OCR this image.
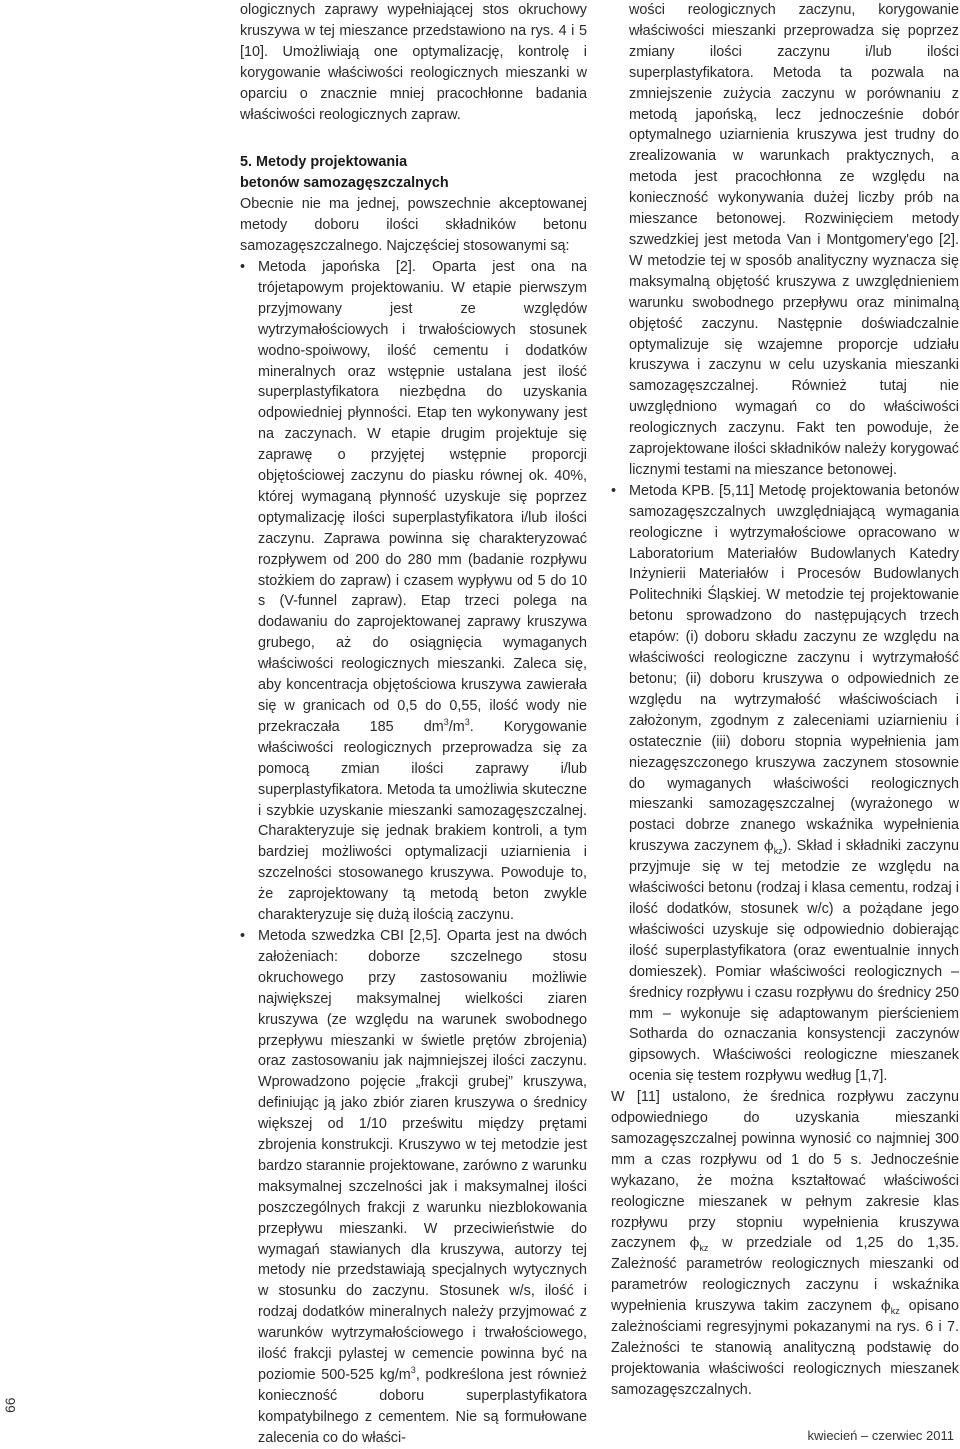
66

ologicznych zaprawy wypełniającej stos okruchowy kruszywa w tej mieszance przedstawiono na rys. 4 i 5 [10]. Umożliwiają one optymalizację, kontrolę i korygowanie właściwości reologicznych mieszanki w oparciu o znacznie mniej pracochłonne badania właściwości reologicznych zapraw.

5. Metody projektowania
betonów samozagęszczalnych

Obecnie nie ma jednej, powszechnie akceptowanej metody doboru ilości składników betonu samozagęszczalnego. Najczęściej stosowanymi są:

• Metoda japońska [2]. Oparta jest ona na trójetapowym projektowaniu. W etapie pierwszym przyjmowany jest ze względów wytrzymałościowych i trwałościowych stosunek wodno-spoiwowy, ilość cementu i dodatków mineralnych oraz wstępnie ustalana jest ilość superplastyfikatora niezbędna do uzyskania odpowiedniej płynności. Etap ten wykonywany jest na zaczynach. W etapie drugim projektuje się zaprawę o przyjętej wstępnie proporcji objętościowej zaczynu do piasku równej ok. 40%, której wymaganą płynność uzyskuje się poprzez optymalizację ilości superplastyfikatora i/lub ilości zaczynu. Zaprawa powinna się charakteryzować rozpływem od 200 do 280 mm (badanie rozpływu stożkiem do zapraw) i czasem wypływu od 5 do 10 s (V-funnel zapraw). Etap trzeci polega na dodawaniu do zaprojektowanej zaprawy kruszywa grubego, aż do osiągnięcia wymaganych właściwości reologicznych mieszanki. Zaleca się, aby koncentracja objętościowa kruszywa zawierała się w granicach od 0,5 do 0,55, ilość wody nie przekraczała 185 $dm^3/m^3$. Korygowanie właściwości reologicznych przeprowadza się za pomocą zmian ilości zaprawy i/lub superplastyfikatora. Metoda ta umożliwia skuteczne i szybkie uzyskanie mieszanki samozagęszczalnej. Charakteryzuje się jednak brakiem kontroli, a tym bardziej możliwości optymalizacji uziarnienia i szczelności stosowanego kruszywa. Powoduje to, że zaprojektowany tą metodą beton zwykle charakteryzuje się dużą ilością zaczynu.

• Metoda szwedzka CBI [2,5]. Oparta jest na dwóch założeniach: doborze szczelnego stosu okruchowego przy zastosowaniu możliwie największej maksymalnej wielkości ziaren kruszywa (ze względu na warunek swobodnego przepływu mieszanki w świetle prętów zbrojenia) oraz zastosowaniu jak najmniejszej ilości zaczynu. Wprowadzono pojęcie „frakcji grubej” kruszywa, definiując ją jako zbiór ziaren kruszywa o średnicy większej od 1/10 prześwitu między prętami zbrojenia konstrukcji. Kruszywo w tej metodzie jest bardzo starannie projektowane, zarówno z warunku maksymalnej szczelności jak i maksymalnej ilości poszczególnych frakcji z warunku niezblokowania przepływu mieszanki. W przeciwieństwie do wymagań stawianych dla kruszywa, autorzy tej metody nie przedstawiają specjalnych wytycznych w stosunku do zaczynu. Stosunek w/s, ilość i rodzaj dodatków mineralnych należy przyjmować z warunków wytrzymałościowego i trwałościowego, ilość frakcji pylastej w cemencie powinna być na poziomie 500-525 $kg/m^3$, podkreślona jest również konieczność doboru superplastyfikatora kompatybilnego z cementem. Nie są formułowane zalecenia co do właści-

wości reologicznych zaczynu, korygowanie właściwości mieszanki przeprowadza się poprzez zmiany ilości zaczynu i/lub ilości superplastyfikatora. Metoda ta pozwala na zmniejszenie zużycia zaczynu w porównaniu z metodą japońską, lecz jednocześnie dobór optymalnego uziarnienia kruszywa jest trudny do zrealizowania w warunkach praktycznych, a metoda jest pracochłonna ze względu na konieczność wykonywania dużej liczby prób na mieszance betonowej. Rozwinięciem metody szwedzkiej jest metoda Van i Montgomery'ego [2]. W metodzie tej w sposób analityczny wyznacza się maksymalną objętość kruszywa z uwzględnieniem warunku swobodnego przepływu oraz minimalną objętość zaczynu. Następnie doświadczalnie optymalizuje się wzajemne proporcje udziału kruszywa i zaczynu w celu uzyskania mieszanki samozagęszczalnej. Również tutaj nie uwzględniono wymagań co do właściwości reologicznych zaczynu. Fakt ten powoduje, że zaprojektowane ilości składników należy korygować licznymi testami na mieszance betonowej.

• Metoda KPB. [5,11] Metodę projektowania betonów samozagęszczalnych uwzględniającą wymagania reologiczne i wytrzymałościowe opracowano w Laboratorium Materiałów Budowlanych Katedry Inżynierii Materiałów i Procesów Budowlanych Politechniki Śląskiej. W metodzie tej projektowanie betonu sprowadzono do następujących trzech etapów: (i) doboru składu zaczynu ze względu na właściwości reologiczne zaczynu i wytrzymałość betonu; (ii) doboru kruszywa o odpowiednich ze względu na wytrzymałość właściwościach i założonym, zgodnym z zaleceniami uziarnieniu i ostatecznie (iii) doboru stopnia wypełnienia jam niezagęszczonego kruszywa zaczynem stosownie do wymaganych właściwości reologicznych mieszanki samozagęszczalnej (wyrażonego w postaci dobrze znanego wskaźnika wypełnienia kruszywa zaczynem $\phi_{kz}$). Skład i składniki zaczynu przyjmuje się w tej metodzie ze względu na właściwości betonu (rodzaj i klasa cementu, rodzaj i ilość dodatków, stosunek w/c) a pożądane jego właściwości uzyskuje się odpowiednio dobierając ilość superplastyfikatora (oraz ewentualnie innych domieszek). Pomiar właściwości reologicznych – średnicy rozpływu i czasu rozpływu do średnicy 250 mm – wykonuje się adaptowanym pierścieniem Sotharda do oznaczania konsystencji zaczynów gipsowych. Właściwości reologiczne mieszanek ocenia się testem rozpływu według [1,7].

W [11] ustalono, że średnica rozpływu zaczynu odpowiedniego do uzyskania mieszanki samozagęszczalnej powinna wynosić co najmniej 300 mm a czas rozpływu od 1 do 5 s. Jednocześnie wykazano, że można kształtować właściwości reologiczne mieszanek w pełnym zakresie klas rozpływu przy stopniu wypełnienia kruszywa zaczynem $\phi_{kz}$ w przedziale od 1,25 do 1,35. Zależność parametrów reologicznych mieszanki od parametrów reologicznych zaczynu i wskaźnika wypełnienia kruszywa takim zaczynem $\phi_{kz}$ opisano zależnościami regresyjnymi pokazanymi na rys. 6 i 7. Zależności te stanowią analityczną podstawię do projektowania właściwości reologicznych mieszanek samozagęszczalnych.

kwiecień – czerwiec 2011
